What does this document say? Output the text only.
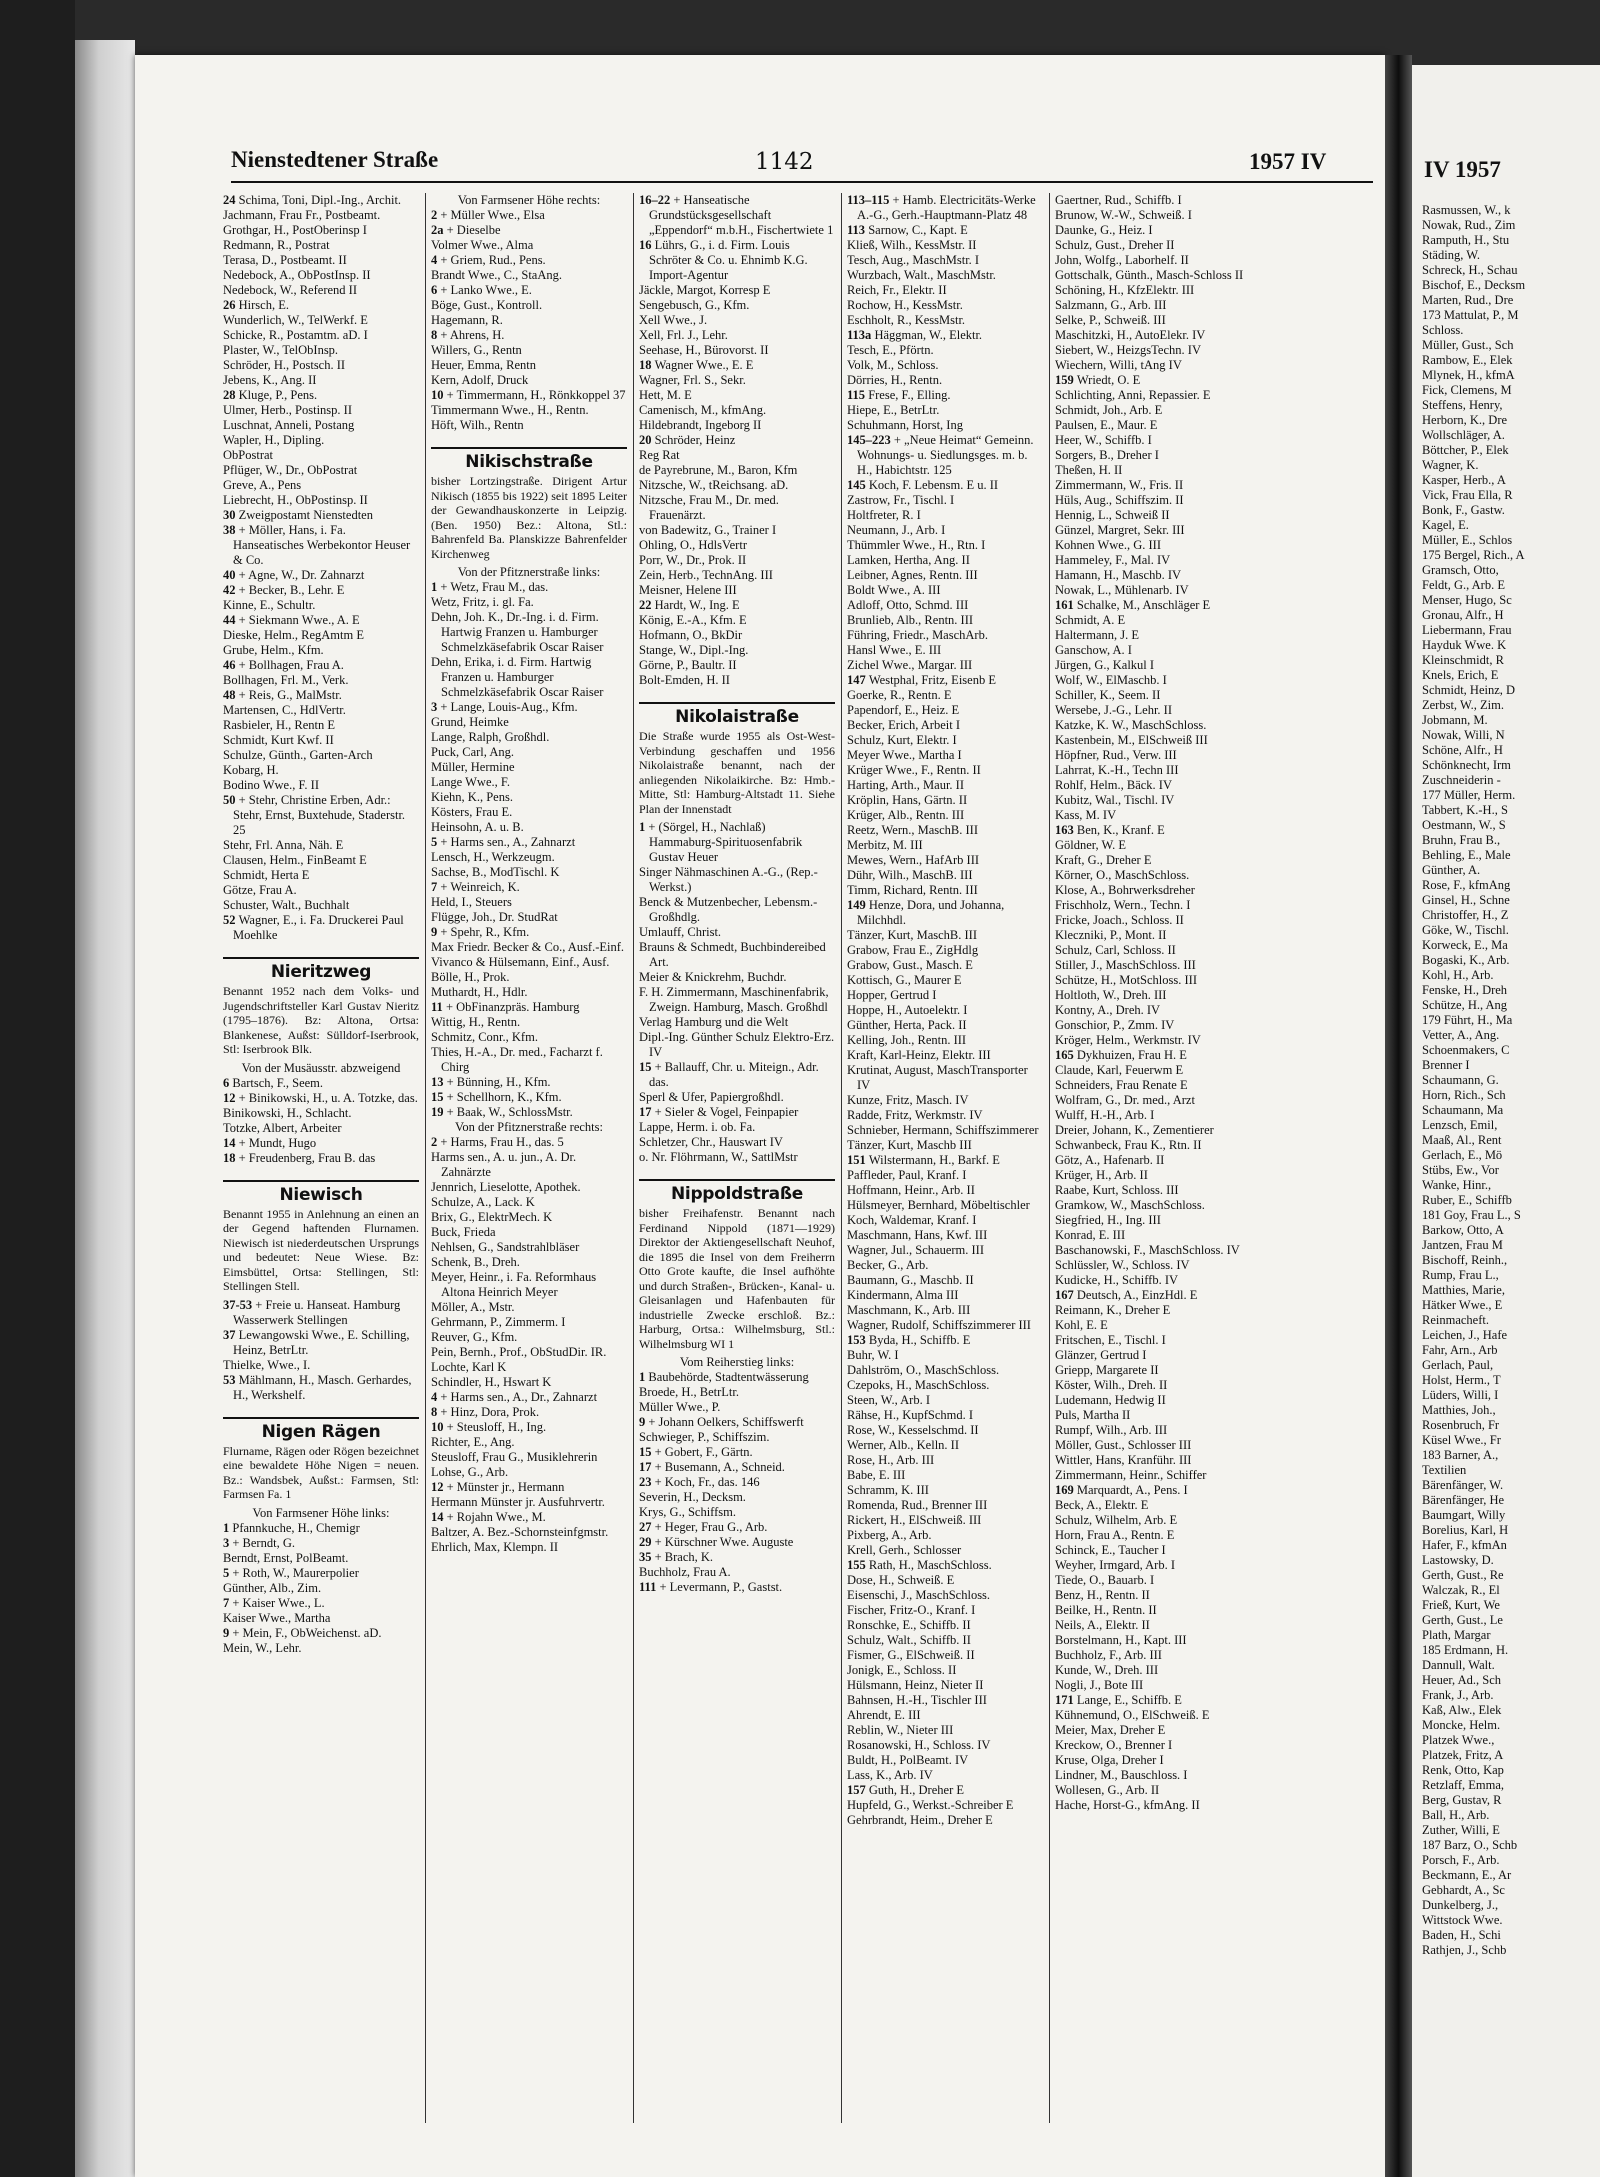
Nienstedtener Straße	1142	1957 IV
24 Schima, Toni, Dipl.-Ing., Archit.
Jachmann, Frau Fr., Postbeamt.
Grothgar, H., PostOberinsp I
Redmann, R., Postrat
Terasa, D., Postbeamt. II
Nedebock, A., ObPostInsp. II
Nedebock, W., Referend II
26 Hirsch, E.
Wunderlich, W., TelWerkf. E
Schicke, R., Postamtm. aD. I
Plaster, W., TelObInsp.
Schröder, H., Postsch. II
Jebens, K., Ang. II
28 Kluge, P., Pens.
Ulmer, Herb., Postinsp. II
Luschnat, Anneli, Postang
Wapler, H., Dipling.
ObPostrat
Pflüger, W., Dr., ObPostrat
Greve, A., Pens
Liebrecht, H., ObPostinsp. II
30 Zweigpostamt Nienstedten
38 + Möller, Hans, i. Fa. Hanseatisches Werbekontor Heuser & Co.
40 + Agne, W., Dr. Zahnarzt
42 + Becker, B., Lehr. E
Kinne, E., Schultr.
44 + Siekmann Wwe., A. E
Dieske, Helm., RegAmtm E
Grube, Helm., Kfm.
46 + Bollhagen, Frau A.
Bollhagen, Frl. M., Verk.
48 + Reis, G., MalMstr.
Martensen, C., HdlVertr.
Rasbieler, H., Rentn E
Schmidt, Kurt Kwf. II
Schulze, Günth., Garten-Arch
Kobarg, H.
Bodino Wwe., F. II
50 + Stehr, Christine Erben, Adr.: Stehr, Ernst, Buxtehude, Staderstr. 25
Stehr, Frl. Anna, Näh. E
Clausen, Helm., FinBeamt E
Schmidt, Herta E
Götze, Frau A.
Schuster, Walt., Buchhalt
52 Wagner, E., i. Fa. Druckerei Paul Moehlke
Nieritzweg
Benannt 1952 nach dem Volks- und Jugendschriftsteller Karl Gustav Nieritz (1795–1876). Bz: Altona, Ortsa: Blankenese, Außst: Sülldorf-Iserbrook, Stl: Iserbrook Blk.
Von der Musäusstr. abzweigend
6 Bartsch, F., Seem.
12 + Binikowski, H., u. A. Totzke, das.
Binikowski, H., Schlacht.
Totzke, Albert, Arbeiter
14 + Mundt, Hugo
18 + Freudenberg, Frau B. das
Niewisch
Benannt 1955 in Anlehnung an einen an der Gegend haftenden Flurnamen. Niewisch ist niederdeutschen Ursprungs und bedeutet: Neue Wiese. Bz: Eimsbüttel, Ortsa: Stellingen, Stl: Stellingen Stell.
37-53 + Freie u. Hanseat. Hamburg Wasserwerk Stellingen
37 Lewangowski Wwe., E. Schilling, Heinz, BetrLtr.
Thielke, Wwe., I.
53 Mählmann, H., Masch. Gerhardes, H., Werkshelf.
Nigen Rägen
Flurname, Rägen oder Rögen bezeichnet eine bewaldete Höhe Nigen = neuen. Bz.: Wandsbek, Außst.: Farmsen, Stl: Farmsen Fa. 1
Von Farmsener Höhe links:
1 Pfannkuche, H., Chemigr
3 + Berndt, G.
Berndt, Ernst, PolBeamt.
5 + Roth, W., Maurerpolier
Günther, Alb., Zim.
7 + Kaiser Wwe., L.
Kaiser Wwe., Martha
9 + Mein, F., ObWeichenst. aD.
Mein, W., Lehr.
Von Farmsener Höhe rechts:
2 + Müller Wwe., Elsa
2a + Dieselbe
Volmer Wwe., Alma
4 + Griem, Rud., Pens.
Brandt Wwe., C., StaAng.
6 + Lanko Wwe., E.
Böge, Gust., Kontroll.
Hagemann, R.
8 + Ahrens, H.
Willers, G., Rentn
Heuer, Emma, Rentn
Kern, Adolf, Druck
10 + Timmermann, H., Rönkkoppel 37
Timmermann Wwe., H., Rentn.
Höft, Wilh., Rentn
Nikischstraße
bisher Lortzingstraße. Dirigent Artur Nikisch (1855 bis 1922) seit 1895 Leiter der Gewandhauskonzerte in Leipzig. (Ben. 1950) Bez.: Altona, Stl.: Bahrenfeld Ba. Planskizze Bahrenfelder Kirchenweg
Von der Pfitznerstraße links:
1 + Wetz, Frau M., das.
Wetz, Fritz, i. gl. Fa.
Dehn, Joh. K., Dr.-Ing. i. d. Firm. Hartwig Franzen u. Hamburger Schmelzkäsefabrik Oscar Raiser
Dehn, Erika, i. d. Firm. Hartwig Franzen u. Hamburger Schmelzkäsefabrik Oscar Raiser
3 + Lange, Louis-Aug., Kfm.
Grund, Heimke
Lange, Ralph, Großhdl.
Puck, Carl, Ang.
Müller, Hermine
Lange Wwe., F.
Kiehn, K., Pens.
Kösters, Frau E.
Heinsohn, A. u. B.
5 + Harms sen., A., Zahnarzt
Lensch, H., Werkzeugm.
Sachse, B., ModTischl. K
7 + Weinreich, K.
Held, I., Steuers
Flügge, Joh., Dr. StudRat
9 + Spehr, R., Kfm.
Max Friedr. Becker & Co., Ausf.-Einf.
Vivanco & Hülsemann, Einf., Ausf.
Bölle, H., Prok.
Muthardt, H., Hdlr.
11 + ObFinanzpräs. Hamburg
Wittig, H., Rentn.
Schmitz, Conr., Kfm.
Thies, H.-A., Dr. med., Facharzt f. Chirg
13 + Bünning, H., Kfm.
15 + Schellhorn, K., Kfm.
19 + Baak, W., SchlossMstr.
Von der Pfitznerstraße rechts:
2 + Harms, Frau H., das. 5
Harms sen., A. u. jun., A. Dr. Zahnärzte
Jennrich, Lieselotte, Apothek.
Schulze, A., Lack. K
Brix, G., ElektrMech. K
Buck, Frieda
Nehlsen, G., Sandstrahlbläser
Schenk, B., Dreh.
Meyer, Heinr., i. Fa. Reformhaus Altona Heinrich Meyer
Möller, A., Mstr.
Gehrmann, P., Zimmerm. I
Reuver, G., Kfm.
Pein, Bernh., Prof., ObStudDir. IR.
Lochte, Karl K
Schindler, H., Hswart K
4 + Harms sen., A., Dr., Zahnarzt
8 + Hinz, Dora, Prok.
10 + Steusloff, H., Ing.
Richter, E., Ang.
Steusloff, Frau G., Musiklehrerin
Lohse, G., Arb.
12 + Münster jr., Hermann
Hermann Münster jr. Ausfuhrvertr.
14 + Rojahn Wwe., M.
Baltzer, A. Bez.-Schornsteinfgmstr.
Ehrlich, Max, Klempn. II
16–22 + Hanseatische Grundstücksgesellschaft „Eppendorf“ m.b.H., Fischertwiete 1
16 Lührs, G., i. d. Firm. Louis Schröter & Co. u. Ehnimb K.G. Import-Agentur
Jäckle, Margot, Korresp E
Sengebusch, G., Kfm.
Xell Wwe., J.
Xell, Frl. J., Lehr.
Seehase, H., Bürovorst. II
18 Wagner Wwe., E. E
Wagner, Frl. S., Sekr.
Hett, M. E
Camenisch, M., kfmAng.
Hildebrandt, Ingeborg II
20 Schröder, Heinz
Reg Rat
de Payrebrune, M., Baron, Kfm
Nitzsche, W., tReichsang. aD.
Nitzsche, Frau M., Dr. med. Frauenärzt.
von Badewitz, G., Trainer I
Ohling, O., HdlsVertr
Porr, W., Dr., Prok. II
Zein, Herb., TechnAng. III
Meisner, Helene III
22 Hardt, W., Ing. E
König, E.-A., Kfm. E
Hofmann, O., BkDir
Stange, W., Dipl.-Ing.
Görne, P., Baultr. II
Bolt-Emden, H. II
Nikolaistraße
Die Straße wurde 1955 als Ost-West-Verbindung geschaffen und 1956 Nikolaistraße benannt, nach der anliegenden Nikolaikirche. Bz: Hmb.-Mitte, Stl: Hamburg-Altstadt 11. Siehe Plan der Innenstadt
1 + (Sörgel, H., Nachlaß) Hammaburg-Spirituosenfabrik Gustav Heuer
Singer Nähmaschinen A.-G., (Rep.-Werkst.)
Benck & Mutzenbecher, Lebensm.-Großhdlg.
Umlauff, Christ.
Brauns & Schmedt, Buchbindereibed Art.
Meier & Knickrehm, Buchdr.
F. H. Zimmermann, Maschinenfabrik, Zweign. Hamburg, Masch. Großhdl
Verlag Hamburg und die Welt
Dipl.-Ing. Günther Schulz Elektro-Erz. IV
15 + Ballauff, Chr. u. Miteign., Adr. das.
Sperl & Ufer, Papiergroßhdl.
17 + Sieler & Vogel, Feinpapier
Lappe, Herm. i. ob. Fa.
Schletzer, Chr., Hauswart IV
o. Nr. Flöhrmann, W., SattlMstr
Nippoldstraße
bisher Freihafenstr. Benannt nach Ferdinand Nippold (1871—1929) Direktor der Aktiengesellschaft Neuhof, die 1895 die Insel von dem Freiherrn Otto Grote kaufte, die Insel aufhöhte und durch Straßen-, Brücken-, Kanal- u. Gleisanlagen und Hafenbauten für industrielle Zwecke erschloß. Bz.: Harburg, Ortsa.: Wilhelmsburg, Stl.: Wilhelmsburg WI 1
Vom Reiherstieg links:
1 Baubehörde, Stadtentwässerung
Broede, H., BetrLtr.
Müller Wwe., P.
9 + Johann Oelkers, Schiffswerft
Schwieger, P., Schiffszim.
15 + Gobert, F., Gärtn.
17 + Busemann, A., Schneid.
23 + Koch, Fr., das. 146
Severin, H., Decksm.
Krys, G., Schiffsm.
27 + Heger, Frau G., Arb.
29 + Kürschner Wwe. Auguste
35 + Brach, K.
Buchholz, Frau A.
111 + Levermann, P., Gastst.
113–115 + Hamb. Electricitäts-Werke A.-G., Gerh.-Hauptmann-Platz 48
113 Sarnow, C., Kapt. E
Kließ, Wilh., KessMstr. II
Tesch, Aug., MaschMstr. I
Wurzbach, Walt., MaschMstr.
Reich, Fr., Elektr. II
Rochow, H., KessMstr.
Eschholt, R., KessMstr.
113a Häggman, W., Elektr.
Tesch, E., Pförtn.
Volk, M., Schloss.
Dörries, H., Rentn.
115 Frese, F., Elling.
Hiepe, E., BetrLtr.
Schuhmann, Horst, Ing
145–223 + „Neue Heimat“ Gemeinn. Wohnungs- u. Siedlungsges. m. b. H., Habichtstr. 125
145 Koch, F. Lebensm. E u. II
Zastrow, Fr., Tischl. I
Holtfreter, R. I
Neumann, J., Arb. I
Thümmler Wwe., H., Rtn. I
Lamken, Hertha, Ang. II
Leibner, Agnes, Rentn. III
Boldt Wwe., A. III
Adloff, Otto, Schmd. III
Brunlieb, Alb., Rentn. III
Führing, Friedr., MaschArb.
Hansl Wwe., E. III
Zichel Wwe., Margar. III
147 Westphal, Fritz, Eisenb E
Goerke, R., Rentn. E
Papendorf, E., Heiz. E
Becker, Erich, Arbeit I
Schulz, Kurt, Elektr. I
Meyer Wwe., Martha I
Krüger Wwe., F., Rentn. II
Harting, Arth., Maur. II
Kröplin, Hans, Gärtn. II
Krüger, Alb., Rentn. III
Reetz, Wern., MaschB. III
Merbitz, M. III
Mewes, Wern., HafArb III
Dühr, Wilh., MaschB. III
Timm, Richard, Rentn. III
149 Henze, Dora, und Johanna, Milchhdl.
Tänzer, Kurt, MaschB. III
Grabow, Frau E., ZigHdlg
Grabow, Gust., Masch. E
Kottisch, G., Maurer E
Hopper, Gertrud I
Hoppe, H., Autoelektr. I
Günther, Herta, Pack. II
Kelling, Joh., Rentn. III
Kraft, Karl-Heinz, Elektr. III
Krutinat, August, MaschTransporter IV
Kunze, Fritz, Masch. IV
Radde, Fritz, Werkmstr. IV
Schnieber, Hermann, Schiffszimmerer
Tänzer, Kurt, Maschb III
151 Wilstermann, H., Barkf. E
Paffleder, Paul, Kranf. I
Hoffmann, Heinr., Arb. II
Hülsmeyer, Bernhard, Möbeltischler
Koch, Waldemar, Kranf. I
Maschmann, Hans, Kwf. III
Wagner, Jul., Schauerm. III
Becker, G., Arb.
Baumann, G., Maschb. II
Kindermann, Alma III
Maschmann, K., Arb. III
Wagner, Rudolf, Schiffszimmerer III
153 Byda, H., Schiffb. E
Buhr, W. I
Dahlström, O., MaschSchloss.
Czepoks, H., MaschSchloss.
Steen, W., Arb. I
Rähse, H., KupfSchmd. I
Rose, W., Kesselschmd. II
Werner, Alb., Kelln. II
Rose, H., Arb. III
Babe, E. III
Schramm, K. III
Romenda, Rud., Brenner III
Rickert, H., ElSchweiß. III
Pixberg, A., Arb.
Krell, Gerh., Schlosser
155 Rath, H., MaschSchloss.
Dose, H., Schweiß. E
Eisenschi, J., MaschSchloss.
Fischer, Fritz-O., Kranf. I
Ronschke, E., Schiffb. II
Schulz, Walt., Schiffb. II
Fismer, G., ElSchweiß. II
Jonigk, E., Schloss. II
Hülsmann, Heinz, Nieter II
Bahnsen, H.-H., Tischler III
Ahrendt, E. III
Reblin, W., Nieter III
Rosanowski, H., Schloss. IV
Buldt, H., PolBeamt. IV
Lass, K., Arb. IV
157 Guth, H., Dreher E
Hupfeld, G., Werkst.-Schreiber E
Gehrbrandt, Heim., Dreher E
Gaertner, Rud., Schiffb. I
Brunow, W.-W., Schweiß. I
Daunke, G., Heiz. I
Schulz, Gust., Dreher II
John, Wolfg., Laborhelf. II
Gottschalk, Günth., Masch-Schloss II
Schöning, H., KfzElektr. III
Salzmann, G., Arb. III
Selke, P., Schweiß. III
Maschitzki, H., AutoElekr. IV
Siebert, W., HeizgsTechn. IV
Wiechern, Willi, tAng IV
159 Wriedt, O. E
Schlichting, Anni, Repassier. E
Schmidt, Joh., Arb. E
Paulsen, E., Maur. E
Heer, W., Schiffb. I
Sorgers, B., Dreher I
Theßen, H. II
Zimmermann, W., Fris. II
Hüls, Aug., Schiffszim. II
Hennig, L., Schweiß II
Günzel, Margret, Sekr. III
Kohnen Wwe., G. III
Hammeley, F., Mal. IV
Hamann, H., Maschb. IV
Nowak, L., Mühlenarb. IV
161 Schalke, M., Anschläger E
Schmidt, A. E
Haltermann, J. E
Ganschow, A. I
Jürgen, G., Kalkul I
Wolf, W., ElMaschb. I
Schiller, K., Seem. II
Wersebe, J.-G., Lehr. II
Katzke, K. W., MaschSchloss.
Kastenbein, M., ElSchweiß III
Höpfner, Rud., Verw. III
Lahrrat, K.-H., Techn III
Rohlf, Helm., Bäck. IV
Kubitz, Wal., Tischl. IV
Kass, M. IV
163 Ben, K., Kranf. E
Göldner, W. E
Kraft, G., Dreher E
Körner, O., MaschSchloss.
Klose, A., Bohrwerksdreher
Frischholz, Wern., Techn. I
Fricke, Joach., Schloss. II
Kleczniki, P., Mont. II
Schulz, Carl, Schloss. II
Stiller, J., MaschSchloss. III
Schütze, H., MotSchloss. III
Holtloth, W., Dreh. III
Kontny, A., Dreh. IV
Gonschior, P., Zmm. IV
Kröger, Helm., Werkmstr. IV
165 Dykhuizen, Frau H. E
Claude, Karl, Feuerwm E
Schneiders, Frau Renate E
Wolfram, G., Dr. med., Arzt
Wulff, H.-H., Arb. I
Dreier, Johann, K., Zementierer
Schwanbeck, Frau K., Rtn. II
Götz, A., Hafenarb. II
Krüger, H., Arb. II
Raabe, Kurt, Schloss. III
Gramkow, W., MaschSchloss.
Siegfried, H., Ing. III
Konrad, E. III
Baschanowski, F., MaschSchloss. IV
Schlüssler, W., Schloss. IV
Kudicke, H., Schiffb. IV
167 Deutsch, A., EinzHdl. E
Reimann, K., Dreher E
Kohl, E. E
Fritschen, E., Tischl. I
Glänzer, Gertrud I
Griepp, Margarete II
Köster, Wilh., Dreh. II
Ludemann, Hedwig II
Puls, Martha II
Rumpf, Wilh., Arb. III
Möller, Gust., Schlosser III
Wittler, Hans, Kranführ. III
Zimmermann, Heinr., Schiffer
169 Marquardt, A., Pens. I
Beck, A., Elektr. E
Schulz, Wilhelm, Arb. E
Horn, Frau A., Rentn. E
Schinck, E., Taucher I
Weyher, Irmgard, Arb. I
Tiede, O., Bauarb. I
Benz, H., Rentn. II
Beilke, H., Rentn. II
Neils, A., Elektr. II
Borstelmann, H., Kapt. III
Buchholz, F., Arb. III
Kunde, W., Dreh. III
Nogli, J., Bote III
171 Lange, E., Schiffb. E
Kühnemund, O., ElSchweiß. E
Meier, Max, Dreher E
Kreckow, O., Brenner I
Kruse, Olga, Dreher I
Lindner, M., Bauschloss. I
Wollesen, G., Arb. II
Hache, Horst-G., kfmAng. II
IV 1957
Rasmussen, W., k
Nowak, Rud., Zim
Ramputh, H., Stu
Städing, W.
Schreck, H., Schau
Bischof, E., Decksm
Marten, Rud., Dre
173 Mattulat, P., M
Schloss.
Müller, Gust., Sch
Rambow, E., Elek
Mlynek, H., kfmA
Fick, Clemens, M
Steffens, Henry,
Herborn, K., Dre
Wollschläger, A.
Böttcher, P., Elek
Wagner, K.
Kasper, Herb., A
Vick, Frau Ella, R
Bonk, F., Gastw.
Kagel, E.
Müller, E., Schlos
175 Bergel, Rich., A
Gramsch, Otto,
Feldt, G., Arb. E
Menser, Hugo, Sc
Gronau, Alfr., H
Liebermann, Frau
Hayduk Wwe. K
Kleinschmidt, R
Knels, Erich, E
Schmidt, Heinz, D
Zerbst, W., Zim.
Jobmann, M.
Nowak, Willi, N
Schöne, Alfr., H
Schönknecht, Irm
Zuschneiderin -
177 Müller, Herm.
Tabbert, K.-H., S
Oestmann, W., S
Bruhn, Frau B.,
Behling, E., Male
Günther, A.
Rose, F., kfmAng
Ginsel, H., Schne
Christoffer, H., Z
Göke, W., Tischl.
Korweck, E., Ma
Bogaski, K., Arb.
Kohl, H., Arb.
Fenske, H., Dreh
Schütze, H., Ang
179 Führt, H., Ma
Vetter, A., Ang.
Schoenmakers, C
Brenner I
Schaumann, G.
Horn, Rich., Sch
Schaumann, Ma
Lenzsch, Emil,
Maaß, Al., Rent
Gerlach, E., Mö
Stübs, Ew., Vor
Wanke, Hinr.,
Ruber, E., Schiffb
181 Goy, Frau L., S
Barkow, Otto, A
Jantzen, Frau M
Bischoff, Reinh.,
Rump, Frau L.,
Matthies, Marie,
Hätker Wwe., E
Reinmacheft.
Leichen, J., Hafe
Fahr, Arn., Arb
Gerlach, Paul,
Holst, Herm., T
Lüders, Willi, I
Matthies, Joh.,
Rosenbruch, Fr
Küsel Wwe., Fr
183 Barner, A.,
Textilien
Bärenfänger, W.
Bärenfänger, He
Baumgart, Willy
Borelius, Karl, H
Hafer, F., kfmAn
Lastowsky, D.
Gerth, Gust., Re
Walczak, R., El
Frieß, Kurt, We
Gerth, Gust., Le
Plath, Margar
185 Erdmann, H.
Dannull, Walt.
Heuer, Ad., Sch
Frank, J., Arb.
Kaß, Alw., Elek
Moncke, Helm.
Platzek Wwe.,
Platzek, Fritz, A
Renk, Otto, Kap
Retzlaff, Emma,
Berg, Gustav, R
Ball, H., Arb.
Zuther, Willi, E
187 Barz, O., Schb
Porsch, F., Arb.
Beckmann, E., Ar
Gebhardt, A., Sc
Dunkelberg, J.,
Wittstock Wwe.
Baden, H., Schi
Rathjen, J., Schb
